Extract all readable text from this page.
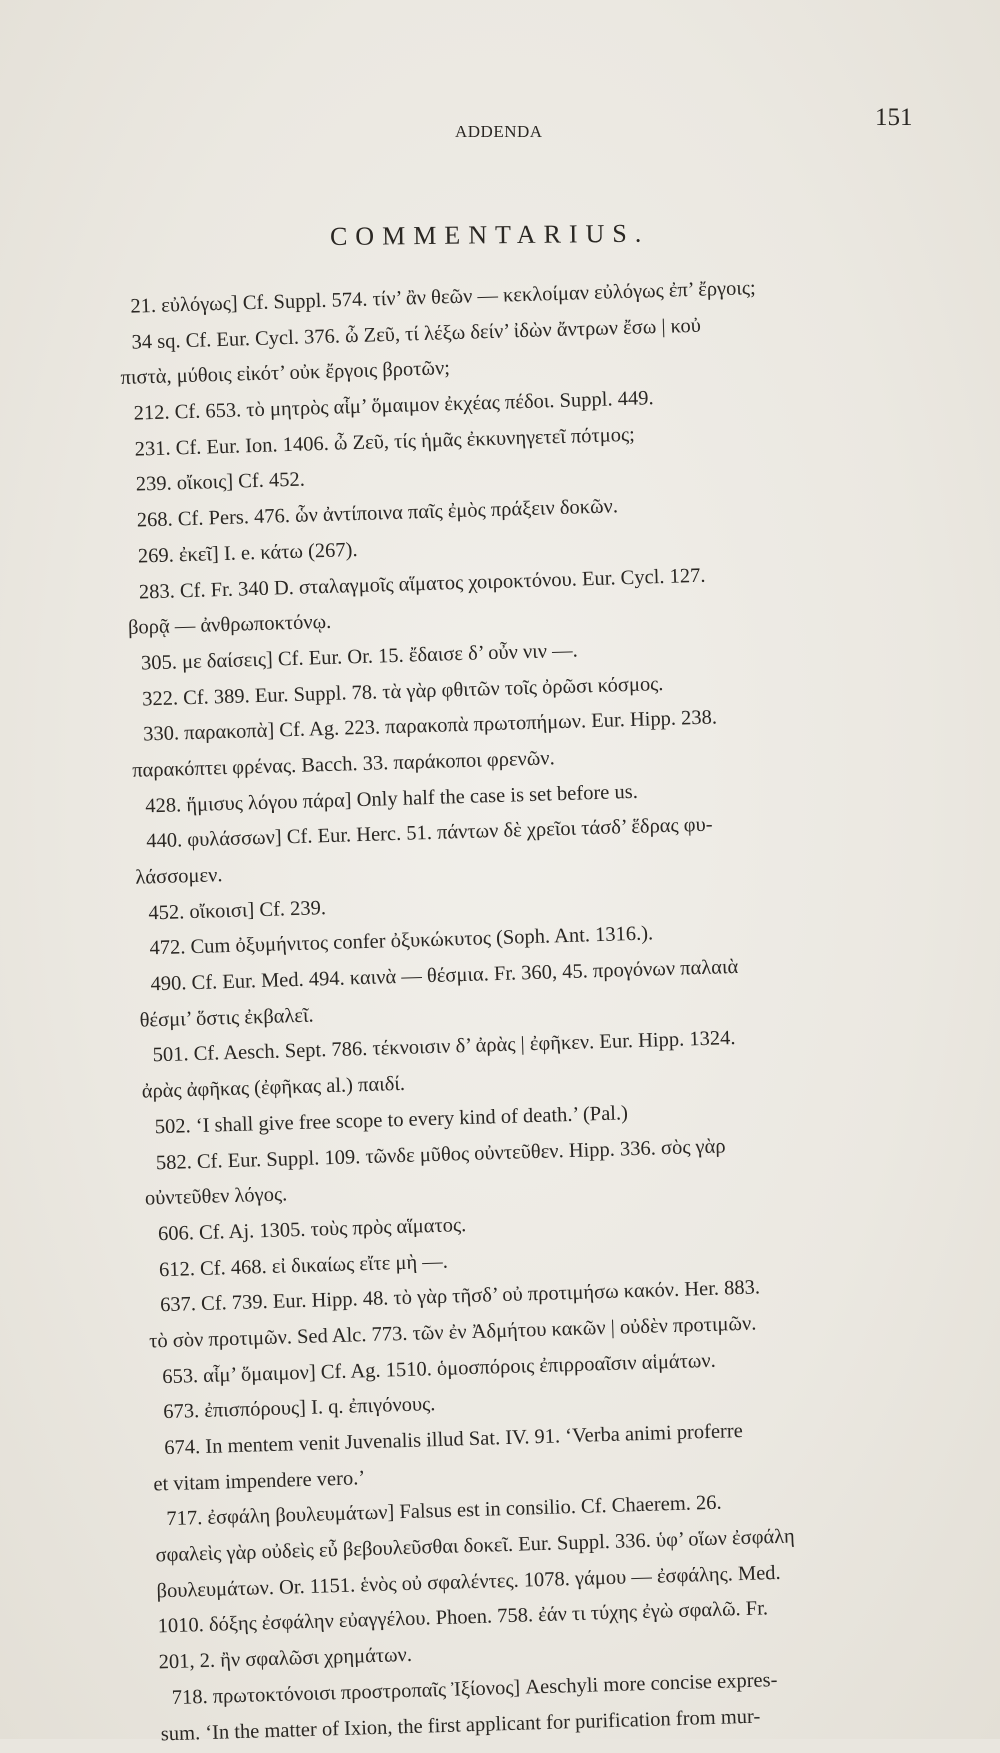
ADDENDA
151
COMMENTARIUS.
21. εὐλόγως] Cf. Suppl. 574. τίν’ ἂν θεῶν — κεκλοίμαν εὐλόγως ἐπ’ ἔργοις;
34 sq. Cf. Eur. Cycl. 376. ὦ Ζεῦ, τί λέξω δείν’ ἰδὼν ἄντρων ἔσω | κοὐ
πιστὰ, μύθοις εἰκότ’ οὐκ ἔργοις βροτῶν;
212. Cf. 653. τὸ μητρὸς αἷμ’ ὅμαιμον ἐκχέας πέδοι. Suppl. 449.
231. Cf. Eur. Ion. 1406. ὦ Ζεῦ, τίς ἡμᾶς ἐκκυνηγετεῖ πότμος;
239. οἴκοις] Cf. 452.
268. Cf. Pers. 476. ὧν ἀντίποινα παῖς ἐμὸς πράξειν δοκῶν.
269. ἐκεῖ] I. e. κάτω (267).
283. Cf. Fr. 340 D. σταλαγμοῖς αἵματος χοιροκτόνου. Eur. Cycl. 127.
βορᾷ — ἀνθρωποκτόνῳ.
305. με δαίσεις] Cf. Eur. Or. 15. ἔδαισε δ’ οὖν νιν —.
322. Cf. 389. Eur. Suppl. 78. τὰ γὰρ φθιτῶν τοῖς ὀρῶσι κόσμος.
330. παρακοπὰ] Cf. Ag. 223. παρακοπὰ πρωτοπήμων. Eur. Hipp. 238.
παρακόπτει φρένας. Bacch. 33. παράκοποι φρενῶν.
428. ἥμισυς λόγου πάρα] Only half the case is set before us.
440. φυλάσσων] Cf. Eur. Herc. 51. πάντων δὲ χρεῖοι τάσδ’ ἕδρας φυ-
λάσσομεν.
452. οἴκοισι] Cf. 239.
472. Cum ὀξυμήνιτος confer ὀξυκώκυτος (Soph. Ant. 1316.).
490. Cf. Eur. Med. 494. καινὰ — θέσμια. Fr. 360, 45. προγόνων παλαιὰ
θέσμι’ ὅστις ἐκβαλεῖ.
501. Cf. Aesch. Sept. 786. τέκνοισιν δ’ ἀρὰς | ἐφῆκεν. Eur. Hipp. 1324.
ἀρὰς ἀφῆκας (ἐφῆκας al.) παιδί.
502. ‘I shall give free scope to every kind of death.’ (Pal.)
582. Cf. Eur. Suppl. 109. τῶνδε μῦθος οὐντεῦθεν. Hipp. 336. σὸς γὰρ
οὐντεῦθεν λόγος.
606. Cf. Aj. 1305. τοὺς πρὸς αἵματος.
612. Cf. 468. εἰ δικαίως εἴτε μὴ —.
637. Cf. 739. Eur. Hipp. 48. τὸ γὰρ τῆσδ’ οὐ προτιμήσω κακόν. Her. 883.
τὸ σὸν προτιμῶν. Sed Alc. 773. τῶν ἐν Ἀδμήτου κακῶν | οὐδὲν προτιμῶν.
653. αἷμ’ ὅμαιμον] Cf. Ag. 1510. ὁμοσπόροις ἐπιρροαῖσιν αἱμάτων.
673. ἐπισπόρους] I. q. ἐπιγόνους.
674. In mentem venit Juvenalis illud Sat. IV. 91. ‘Verba animi proferre
et vitam impendere vero.’
717. ἐσφάλη βουλευμάτων] Falsus est in consilio. Cf. Chaerem. 26.
σφαλεὶς γὰρ οὐδεὶς εὖ βεβουλεῦσθαι δοκεῖ. Eur. Suppl. 336. ὑφ’ οἵων ἐσφάλη
βουλευμάτων. Or. 1151. ἑνὸς οὐ σφαλέντες. 1078. γάμου — ἐσφάλης. Med.
1010. δόξης ἐσφάλην εὐαγγέλου. Phoen. 758. ἐάν τι τύχης ἐγὼ σφαλῶ. Fr.
201, 2. ἢν σφαλῶσι χρημάτων.
718. πρωτοκτόνοισι προστροπαῖς Ἰξίονος] Aeschyli more concise expres-
sum. ‘In the matter of Ixion, the first applicant for purification from mur-
